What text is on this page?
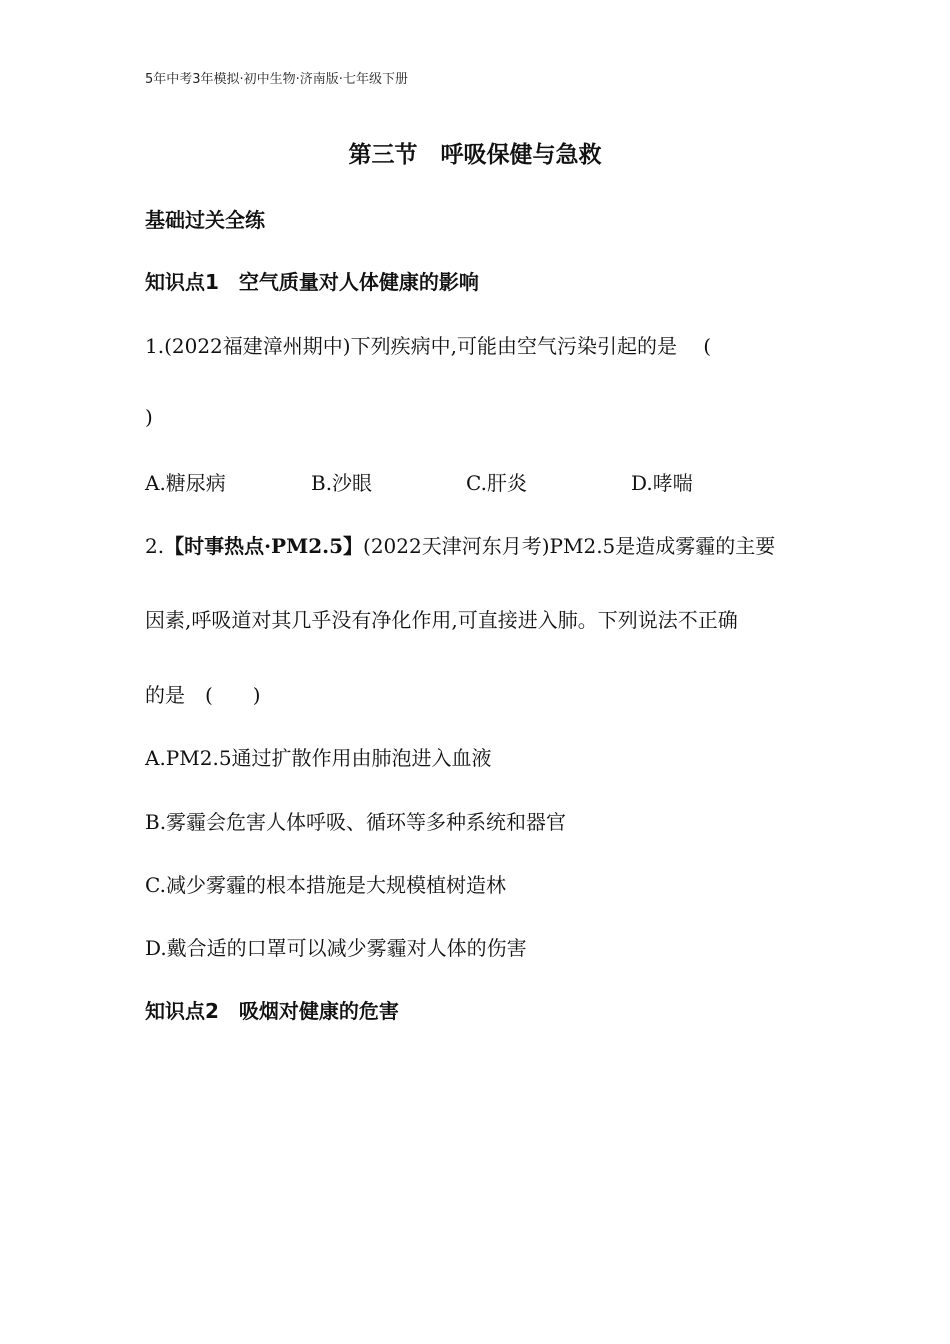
5年中考3年模拟·初中生物·济南版·七年级下册
第三节　呼吸保健与急救
基础过关全练
知识点1　空气质量对人体健康的影响
1.(2022福建漳州期中)下列疾病中,可能由空气污染引起的是　 (
)
A.糖尿病	B.沙眼	C.肝炎	D.哮喘
2.【时事热点·PM2.5】(2022天津河东月考)PM2.5是造成雾霾的主要
因素,呼吸道对其几乎没有净化作用,可直接进入肺。下列说法不正确
的是　(　　)
A.PM2.5通过扩散作用由肺泡进入血液
B.雾霾会危害人体呼吸、循环等多种系统和器官
C.减少雾霾的根本措施是大规模植树造林
D.戴合适的口罩可以减少雾霾对人体的伤害
知识点2　吸烟对健康的危害
